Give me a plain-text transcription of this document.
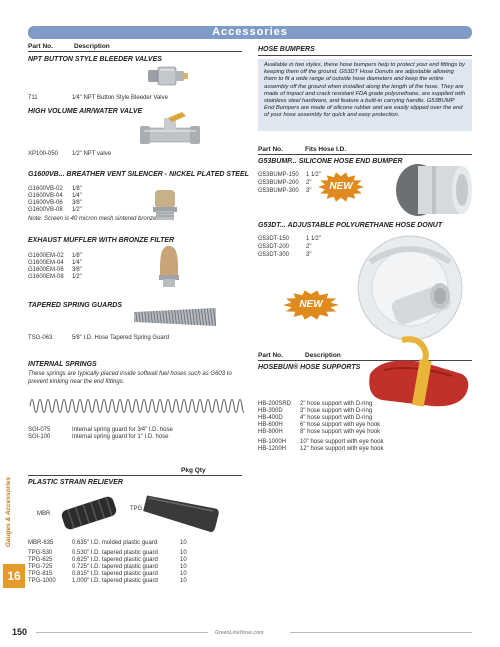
Accessories
Part No.	Description
NPT BUTTON STYLE BLEEDER VALVES
711	1⁄4" NPT Button Style Bleeder Valve
HIGH VOLUME AIR/WATER VALVE
XP100-050 1⁄2" NPT valve
G1600VB... BREATHER VENT SILENCER - NICKEL PLATED STEEL
G1600VB-02 1⁄8"
G1600VB-04 1⁄4"
G1600VB-06 3⁄8"
G1600VB-08 1⁄2"
Note: Screen is 40 micron mesh sintered bronze
EXHAUST MUFFLER WITH BRONZE FILTER
G1600EM-02 1⁄8"
G1600EM-04 1⁄4"
G1600EM-06 3⁄8"
G1600EM-08 1⁄2"
TAPERED SPRING GUARDS
TSG-063	5⁄8" I.D. Hose Tapered Spring Guard
INTERNAL SPRINGS
These springs are typically placed inside softwall fuel hoses such as G603 to prevent kinking near the end fittings.
SGI-075	Internal spring guard for 3⁄4" I.D. hose
SGI-100	Internal spring guard for 1" I.D. hose
Pkg Qty
PLASTIC STRAIN RELIEVER
MBR
TPG
MBR-635	0.635" I.D. molded plastic guard	10
TPG-530	0.530" I.D. tapered plastic guard	10
TPG-625	0.625" I.D. tapered plastic guard	10
TPG-725	0.725" I.D. tapered plastic guard	10
TPG-815	0.815" I.D. tapered plastic guard	10
TPG-1000	1.000" I.D. tapered plastic guard	10
HOSE BUMPERS
Available in two styles, these hose bumpers help to protect your end fittings by keeping them off the ground. G53DT Hose Donuts are adjustable allowing them to fit a wide range of outside hose diameters and keep the entire assembly off the ground when installed along the length of the hose. They are made of impact and crack resistant FDA grade polyurethane, are supplied with stainless steel hardware, and feature a built-in carrying handle. G53BUMP End Bumpers are made of silicone rubber and are easily slipped over the end of your hose assembly for quick and easy protection.
Part No.	Fits Hose I.D.
G53BUMP... SILICONE HOSE END BUMPER
G53BUMP-150 1 1⁄2"
G53BUMP-200 2"
G53BUMP-300 3"	NEW
G53DT... ADJUSTABLE POLYURETHANE HOSE DONUT
G53DT-150	1 1⁄2"
G53DT-200	2"
G53DT-300	3"
NEW
Part No.	Description
HOSEBUN® HOSE SUPPORTS
HB-200SRD 2" hose support with D-ring
HB-300D	3" hose support with D-ring
HB-400D	4" hose support with D-ring
HB-600H	6" hose support with eye hook
HB-800H	8" hose support with eye hook
HB-1000H 10" hose support with eye hook
HB-1200H 12" hose support with eye hook
Gauges & Accessories
16
150	GreenLineHose.com
